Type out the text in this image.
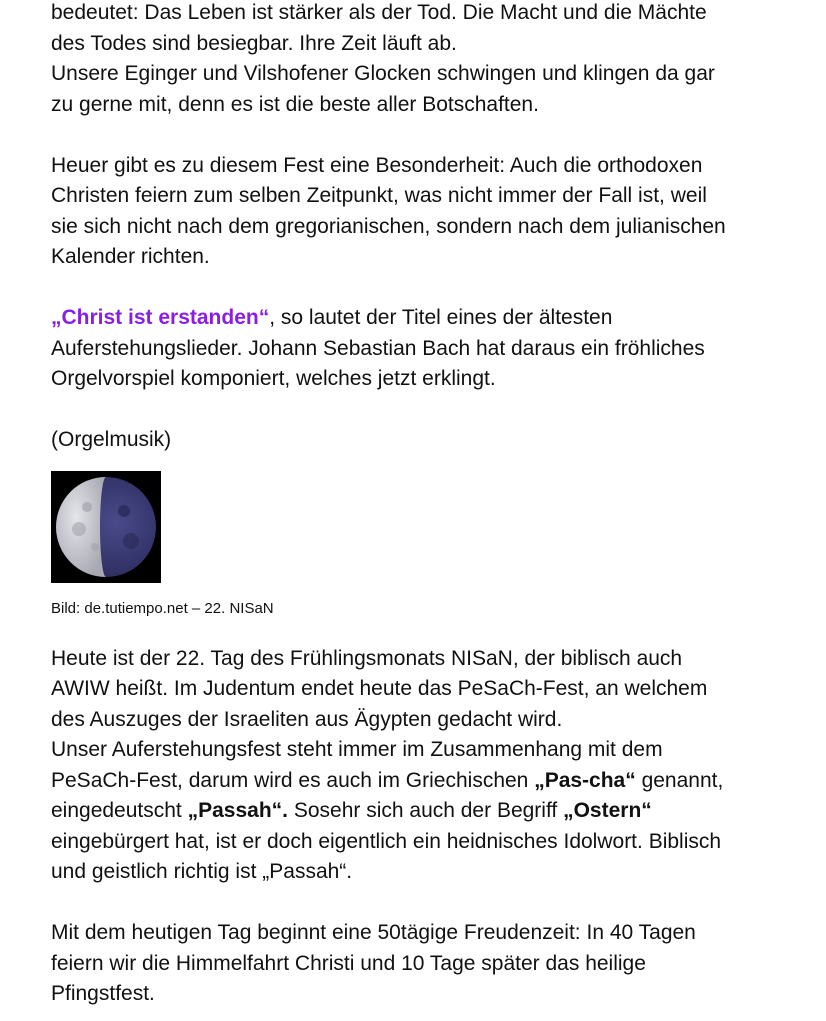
bedeutet: Das Leben ist stärker als der Tod. Die Macht und die Mächte

des Todes sind besiegbar. Ihre Zeit läuft ab.

Unsere Eginger und Vilshofener Glocken schwingen und klingen da gar

zu gerne mit, denn es ist die beste aller Botschaften.

Heuer gibt es zu diesem Fest eine Besonderheit: Auch die orthodoxen

Christen feiern zum selben Zeitpunkt, was nicht immer der Fall ist, weil

sie sich nicht nach dem gregorianischen, sondern nach dem julianischen

Kalender richten.

„Christ ist erstanden“, so lautet der Titel eines der ältesten

Auferstehungslieder. Johann Sebastian Bach hat daraus ein fröhliches

Orgelvorspiel komponiert, welches jetzt erklingt.

(Orgelmusik)

Bild: de.tutiempo.net – 22. NISaN

Heute ist der 22. Tag des Frühlingsmonats NISaN, der biblisch auch

AWIW heißt. Im Judentum endet heute das PeSaCh-Fest, an welchem

des Auszuges der Israeliten aus Ägypten gedacht wird.

Unser Auferstehungsfest steht immer im Zusammenhang mit dem

PeSaCh-Fest, darum wird es auch im Griechischen „Pas-cha“ genannt,

eingedeutscht „Passah“. Sosehr sich auch der Begriff „Ostern“

eingebürgert hat, ist er doch eigentlich ein heidnisches Idolwort. Biblisch

und geistlich richtig ist „Passah“.

Mit dem heutigen Tag beginnt eine 50tägige Freudenzeit: In 40 Tagen

feiern wir die Himmelfahrt Christi und 10 Tage später das heilige

Pfingstfest.
